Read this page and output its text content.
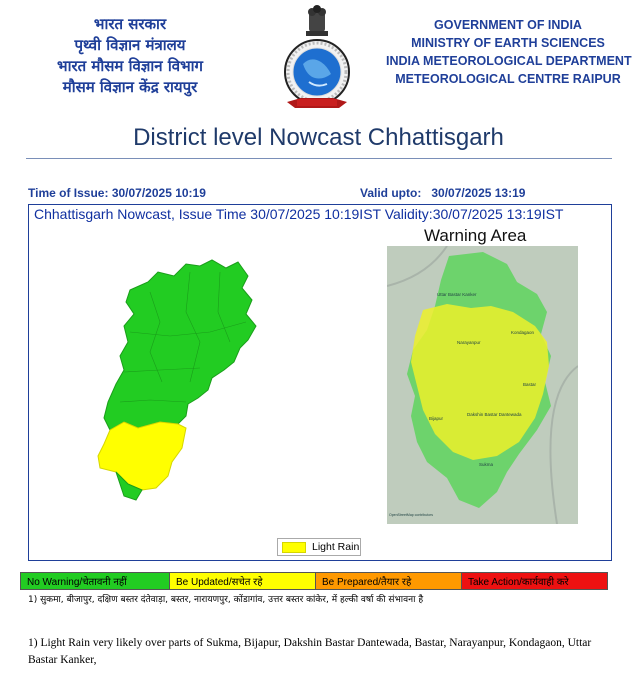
भारत सरकार
पृथ्वी विज्ञान मंत्रालय
भारत मौसम विज्ञान विभाग
मौसम विज्ञान केंद्र रायपुर
GOVERNMENT OF INDIA
MINISTRY OF EARTH SCIENCES
INDIA METEOROLOGICAL DEPARTMENT
METEOROLOGICAL CENTRE RAIPUR
District level Nowcast Chhattisgarh
Time of Issue: 30/07/2025 10:19	Valid upto: 30/07/2025 13:19
Chhattisgarh Nowcast, Issue Time 30/07/2025 10:19IST Validity:30/07/2025 13:19IST
Warning Area
Uttar Bastar Kanker
Kondagaon
Narayanpur
Bastar
Dakshin Bastar Dantewada
Bijapur
Sukma
OpenStreetMap contributors
Light Rain
No Warning/चेतावनी नहीं	Be Updated/सचेत रहे	Be Prepared/तैयार रहे	Take Action/कार्यवाही करे
1) सुकमा, बीजापुर, दक्षिण बस्तर दंतेवाड़ा, बस्तर, नारायणपुर, कोंडागांव, उत्तर बस्तर कांकेर, में हल्की वर्षा की संभावना है
1) Light Rain very likely over parts of Sukma, Bijapur, Dakshin Bastar Dantewada, Bastar, Narayanpur, Kondagaon, Uttar Bastar Kanker,
